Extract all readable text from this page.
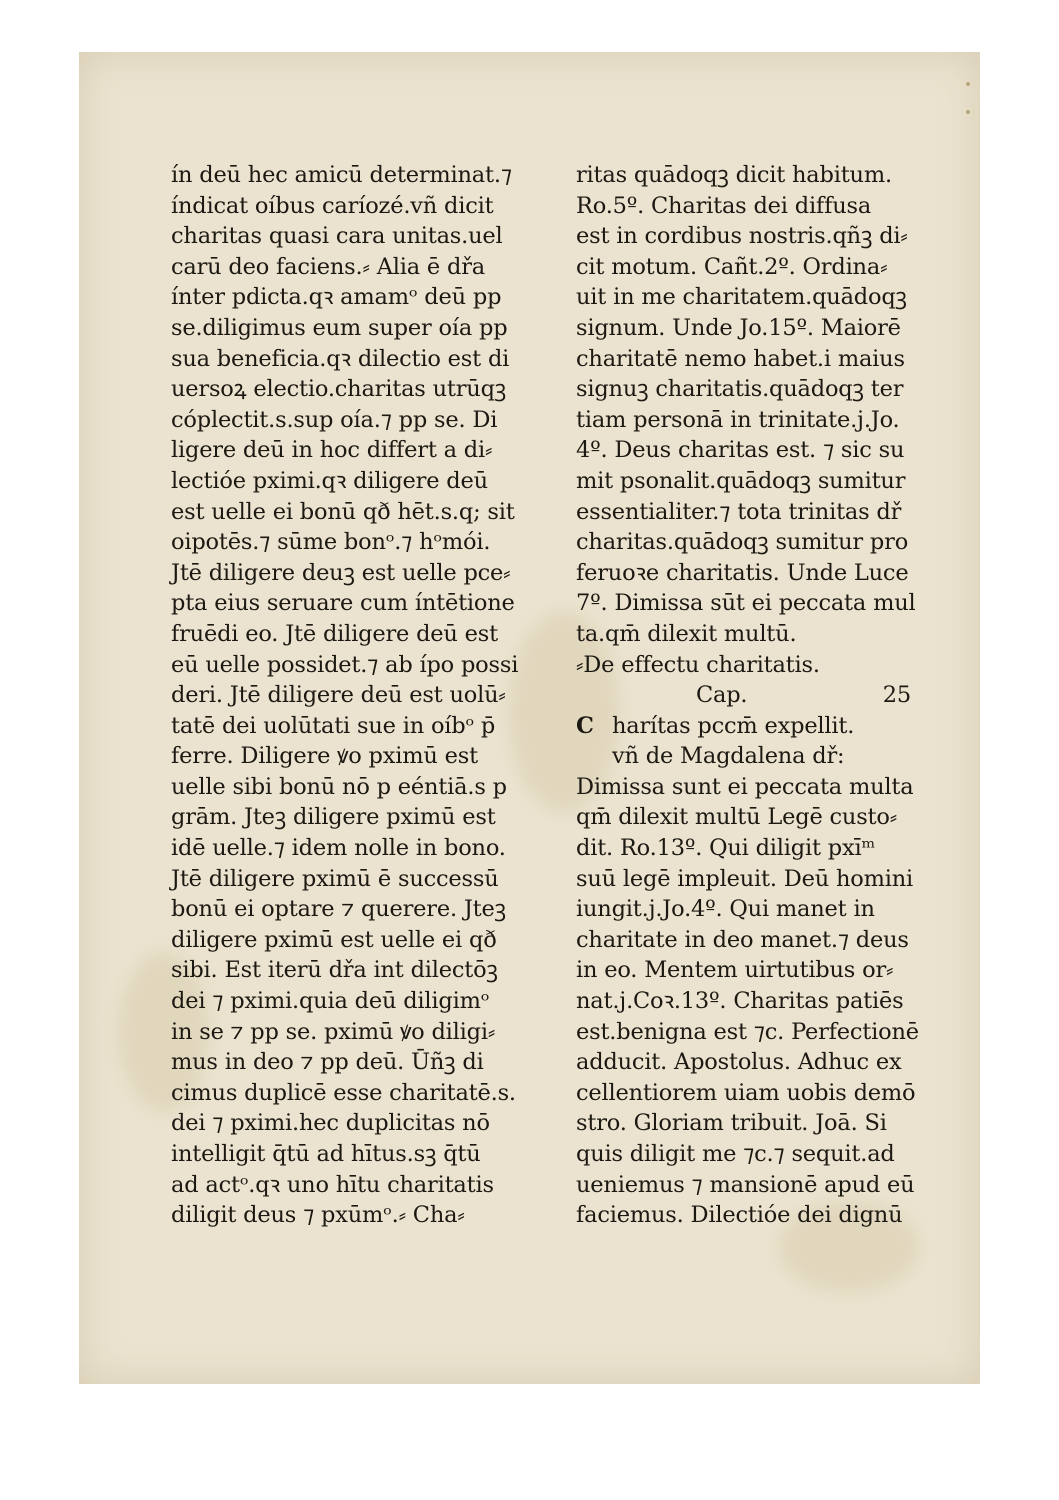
ín deū hec amicū determinat.⁊
índicat oíbus caríozé.vñ dicit
charitas quasi cara unitas.uel
carū deo faciens.⸗ Alia ē dřa
ínter pdicta.qꝛ amamᵒ deū pp
se.diligimus eum super oía pp
sua beneficia.qꝛ dilectio est di
uersoꝝ electio.charitas utrūqꝫ
cóplectit.s.sup oía.⁊ pp se. Di
ligere deū in hoc differt a di⸗
lectióe pximi.qꝛ diligere deū
est uelle ei bonū qð hēt.s.q; sit
oipotēs.⁊ sūme bonᵒ.⁊ hᵒmói.
Jtē diligere deuꝫ est uelle pce⸗
pta eius seruare cum íntētione
fruēdi eo. Jtē diligere deū est
eū uelle possidet.⁊ ab ípo possi
deri. Jtē diligere deū est uolū⸗
tatē dei uolūtati sue in oíbᵒ p̄
ferre. Diligere ꝟo pximū est
uelle sibi bonū nō p eéntiā.s p
grām. Jteꝫ diligere pximū est
idē uelle.⁊ idem nolle in bono.
Jtē diligere pximū ē successū
bonū ei optare ⁊ querere. Jteꝫ
diligere pximū est uelle ei qð
sibi. Est iterū dřa int dilectōꝫ
dei ⁊ pximi.quia deū diligimᵒ
in se ⁊ pp se. pximū ꝟo diligi⸗
mus in deo ⁊ pp deū. Ūñꝫ di
cimus duplicē esse charitatē.s.
dei ⁊ pximi.hec duplicitas nō
intelligit q̄tū ad hītus.sꝫ q̄tū
ad actᵒ.qꝛ uno hītu charitatis
diligit deus ⁊ pxūmᵒ.⸗ Cha⸗
ritas quādoqꝫ dicit habitum.
Ro.5º. Charitas dei diffusa
est in cordibus nostris.qñꝫ di⸗
cit motum. Cañt.2º. Ordina⸗
uit in me charitatem.quādoqꝫ
signum. Unde Jo.15º. Maiorē
charitatē nemo habet.i maius
signuꝫ charitatis.quādoqꝫ ter
tiam personā in trinitate.j.Jo.
4º. Deus charitas est. ⁊ sic su
mit psonalit.quādoqꝫ sumitur
essentialiter.⁊ tota trinitas dř
charitas.quādoqꝫ sumitur pro
feruoꝛe charitatis. Unde Luce
7º. Dimissa sūt ei peccata mul
ta.qm̄ dilexit multū.
⸗De effectu charitatis.
Cap.	25
C harítas pccm̄ expellit.
vñ de Magdalena dř:
Dimissa sunt ei peccata multa
qm̄ dilexit multū Legē custo⸗
dit. Ro.13º. Qui diligit pxīᵐ
suū legē impleuit. Deū homini
iungit.j.Jo.4º. Qui manet in
charitate in deo manet.⁊ deus
in eo. Mentem uirtutibus or⸗
nat.j.Coꝛ.13º. Charitas patiēs
est.benigna est ⁊c. Perfectionē
adducit. Apostolus. Adhuc ex
cellentiorem uiam uobis demō
stro. Gloriam tribuit. Joā. Si
quis diligit me ⁊c.⁊ sequit.ad
ueniemus ⁊ mansionē apud eū
faciemus. Dilectióe dei dignū
